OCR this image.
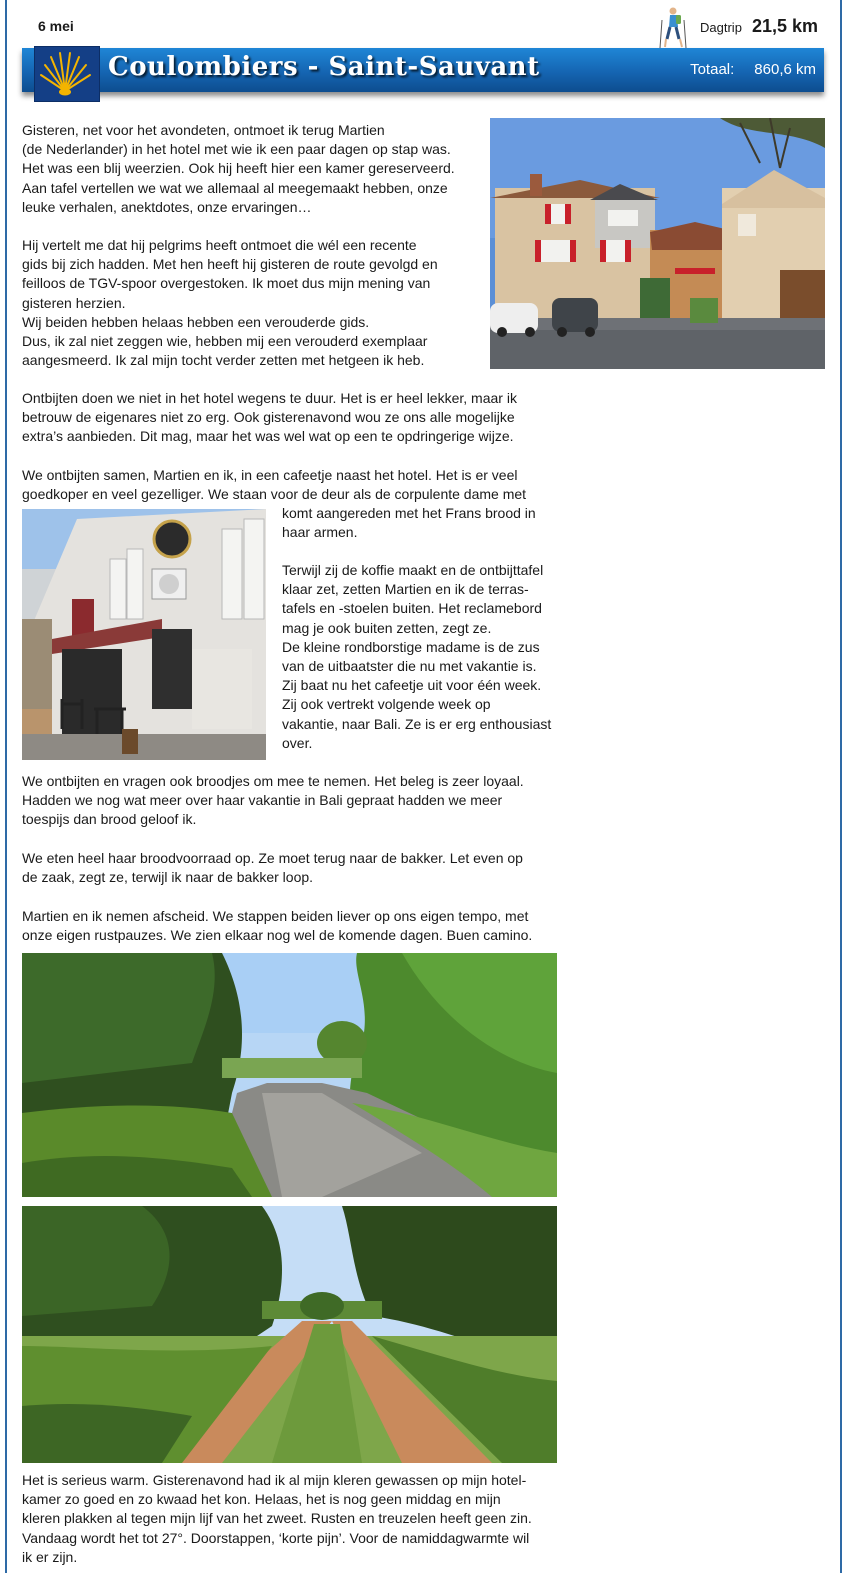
6 mei	Dagtrip 21,5 km
Coulombiers - Saint-Sauvant	Totaal: 860,6 km

Gisteren, net voor het avondeten, ontmoet ik terug Martien
(de Nederlander) in het hotel met wie ik een paar dagen op stap was.
Het was een blij weerzien. Ook hij heeft hier een kamer gereserveerd.
Aan tafel vertellen we wat we allemaal al meegemaakt hebben, onze
leuke verhalen, anektdotes, onze ervaringen…

Hij vertelt me dat hij pelgrims heeft ontmoet die wél een recente
gids bij zich hadden. Met hen heeft hij gisteren de route gevolgd en
feilloos de TGV-spoor overgestoken. Ik moet dus mijn mening van
gisteren herzien.
Wij beiden hebben helaas hebben een verouderde gids.
Dus, ik zal niet zeggen wie, hebben mij een verouderd exemplaar
aangesmeerd. Ik zal mijn tocht verder zetten met hetgeen ik heb.

Ontbijten doen we niet in het hotel wegens te duur. Het is er heel lekker, maar ik
betrouw de eigenares niet zo erg. Ook gisterenavond wou ze ons alle mogelijke
extra’s aanbieden. Dit mag, maar het was wel wat op een te opdringerige wijze.

We ontbijten samen, Martien en ik, in een cafeetje naast het hotel. Het is er veel
goedkoper en veel gezelliger. We staan voor de deur als de corpulente dame met

komt aangereden met het Frans brood in
haar armen.

Terwijl zij de koffie maakt en de ontbijttafel
klaar zet, zetten Martien en ik de terras-
tafels en -stoelen buiten. Het reclamebord
mag je ook buiten zetten, zegt ze.
De kleine rondborstige madame is de zus
van de uitbaatster die nu met vakantie is.
Zij baat nu het cafeetje uit voor één week.
Zij ook vertrekt volgende week op
vakantie, naar Bali. Ze is er erg enthousiast
over.

We ontbijten en vragen ook broodjes om mee te nemen. Het beleg is zeer loyaal.
Hadden we nog wat meer over haar vakantie in Bali gepraat hadden we meer
toespijs dan brood geloof ik.

We eten heel haar broodvoorraad op. Ze moet terug naar de bakker. Let even op
de zaak, zegt ze, terwijl ik naar de bakker loop.

Martien en ik nemen afscheid. We stappen beiden liever op ons eigen tempo, met
onze eigen rustpauzes. We zien elkaar nog wel de komende dagen. Buen camino.

Het is serieus warm. Gisterenavond had ik al mijn kleren gewassen op mijn hotel-
kamer zo goed en zo kwaad het kon. Helaas, het is nog geen middag en mijn
kleren plakken al tegen mijn lijf van het zweet. Rusten en treuzelen heeft geen zin.
Vandaag wordt het tot 27°. Doorstappen, ‘korte pijn’. Voor de namiddagwarmte wil
ik er zijn.
